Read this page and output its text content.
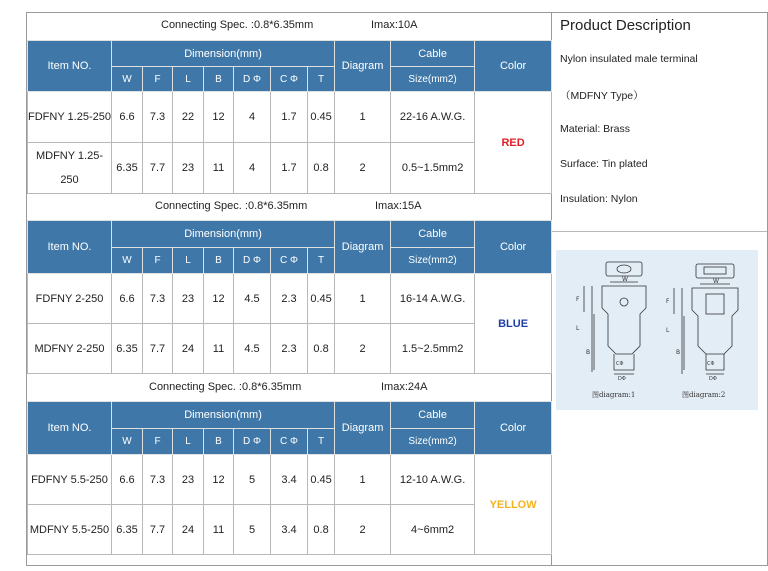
Connecting Spec. :0.8*6.35mm	Imax:10A
Item NO.	Dimension(mm)							Diagram	Cable	Color
	W	F	L	B	D Φ	C Φ	T		Size(mm2)	
FDFNY 1.25-250	6.6	7.3	22	12	4	1.7	0.45	1	22-16 A.W.G.	RED
MDFNY 1.25-250	6.35	7.7	23	11	4	1.7	0.8	2	0.5~1.5mm2	
Connecting Spec. :0.8*6.35mm	Imax:15A
Item NO.	Dimension(mm)							Diagram	Cable	Color
	W	F	L	B	D Φ	C Φ	T		Size(mm2)	
FDFNY 2-250	6.6	7.3	23	12	4.5	2.3	0.45	1	16-14 A.W.G.	BLUE
MDFNY 2-250	6.35	7.7	24	11	4.5	2.3	0.8	2	1.5~2.5mm2	
Connecting Spec. :0.8*6.35mm	Imax:24A
Item NO.	Dimension(mm)							Diagram	Cable	Color
	W	F	L	B	D Φ	C Φ	T		Size(mm2)	
FDFNY 5.5-250	6.6	7.3	23	12	5	3.4	0.45	1	12-10 A.W.G.	YELLOW
MDFNY 5.5-250	6.35	7.7	24	11	5	3.4	0.8	2	4~6mm2	
Product Description
Nylon insulated male terminal
（MDFNY Type）
Material: Brass
Surface: Tin plated
Insulation: Nylon
W
F
L
B
CΦ
DΦ
W
F
L
B
CΦ
DΦ
图diagram:1	图diagram:2
